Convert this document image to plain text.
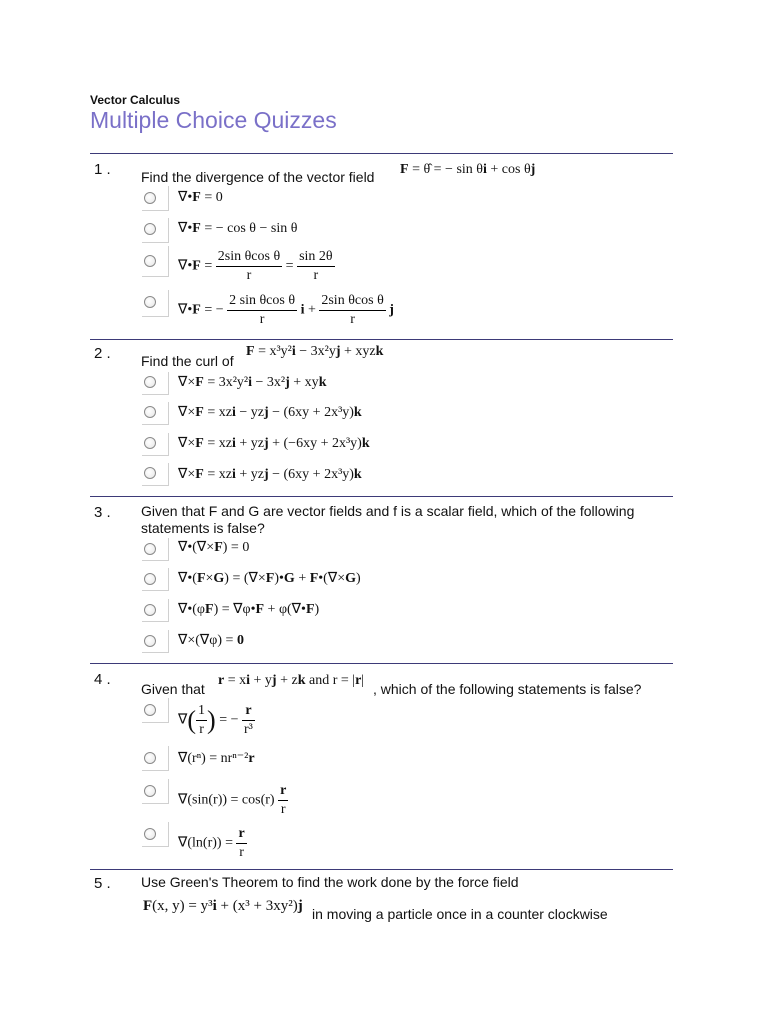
Vector Calculus
Multiple Choice Quizzes
1 . Find the divergence of the vector field F = θ̂ = − sin θi + cos θj
∇•F = 0
∇•F = − cos θ − sin θ
∇•F = $\frac{\text{2sin θcos θ}}{r} = \frac{\sin 2\theta}{r}$
∇•F = − $\frac{\text{2 sin θcos θ}}{r}$ $i + \frac{\text{2sin θcos θ}}{r}$ j
2 . Find the curl of
F = x³y²i − 3x²yj + xyzk
∇×F = 3x²y²i − 3x²j + xyk
∇×F = xzi − yzj − (6xy + 2x³y)k
∇×F = xzi + yzj + (−6xy + 2x³y)k
∇×F = xzi + yzj − (6xy + 2x³y)k
3 . Given that F and G are vector fields and f is a scalar field, which of the following statements is false?
∇•(∇×F) = 0
∇•(F×G) = (∇×F)•G + F•(∇×G)
∇•(φF) = ∇φ•F + φ(∇•F)
∇×(∇φ) = 0
4 .
Given that
r = xi + yj + zk and r = |r|
, which of the following statements is false?
∇( $\frac{1}{r}$ ) = − $\frac{r}{\text{r³}}$
∇(rⁿ) = nrⁿ⁻²r
$\nabla(\sin(r)) = \cos(r) \frac{r}{r}$
$\nabla(\ln(r)) = \frac{r}{r}$
5 . Use Green's Theorem to find the work done by the force field
F(x, y) = y³i + (x³ + 3xy²)j in moving a particle once in a counter clockwise
